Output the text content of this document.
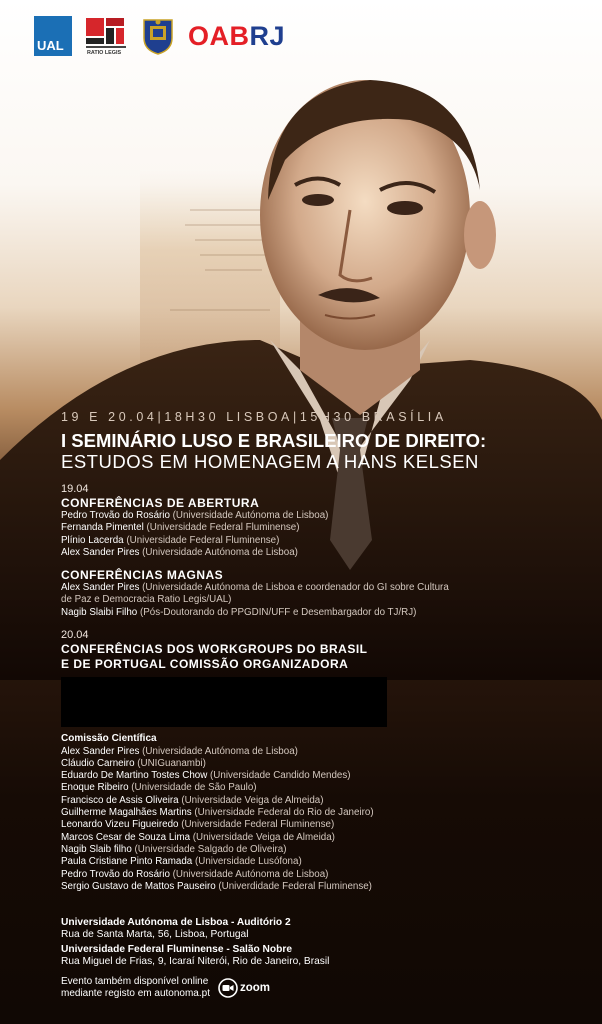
UAL	RATIO LEGIS
OABRJ
19 E 20.04|18H30 LISBOA|15H30 BRASÍLIA
I SEMINÁRIO LUSO E BRASILEIRO DE DIREITO:
ESTUDOS EM HOMENAGEM A HANS KELSEN
19.04
CONFERÊNCIAS DE ABERTURA
Pedro Trovão do Rosário (Universidade Autónoma de Lisboa)
Fernanda Pimentel (Universidade Federal Fluminense)
Plínio Lacerda (Universidade Federal Fluminense)
Alex Sander Pires (Universidade Autónoma de Lisboa)
CONFERÊNCIAS MAGNAS
Alex Sander Pires (Universidade Autónoma de Lisboa e coordenador do GI sobre Cultura
de Paz e Democracia Ratio Legis/UAL)
Nagib Slaibi Filho (Pós-Doutorando do PPGDIN/UFF e Desembargador do TJ/RJ)
20.04
CONFERÊNCIAS DOS WORKGROUPS DO BRASIL
E DE PORTUGAL COMISSÃO ORGANIZADORA
Comissão Científica
Alex Sander Pires (Universidade Autónoma de Lisboa)
Cláudio Carneiro (UNIGuanambi)
Eduardo De Martino Tostes Chow (Universidade Candido Mendes)
Enoque Ribeiro (Universidade de São Paulo)
Francisco de Assis Oliveira (Universidade Veiga de Almeida)
Guilherme Magalhães Martins (Universidade Federal do Rio de Janeiro)
Leonardo Vizeu Figueiredo (Universidade Federal Fluminense)
Marcos Cesar de Souza Lima (Universidade Veiga de Almeida)
Nagib Slaib filho (Universidade Salgado de Oliveira)
Paula Cristiane Pinto Ramada (Universidade Lusófona)
Pedro Trovão do Rosário (Universidade Autónoma de Lisboa)
Sergio Gustavo de Mattos Pauseiro (Univerdidade Federal Fluminense)
Universidade Autónoma de Lisboa - Auditório 2
Rua de Santa Marta, 56, Lisboa, Portugal
Universidade Federal Fluminense - Salão Nobre
Rua Miguel de Frias, 9, Icaraí Niterói, Rio de Janeiro, Brasil
Evento também disponível online
mediante registo em autonoma.pt	zoom
